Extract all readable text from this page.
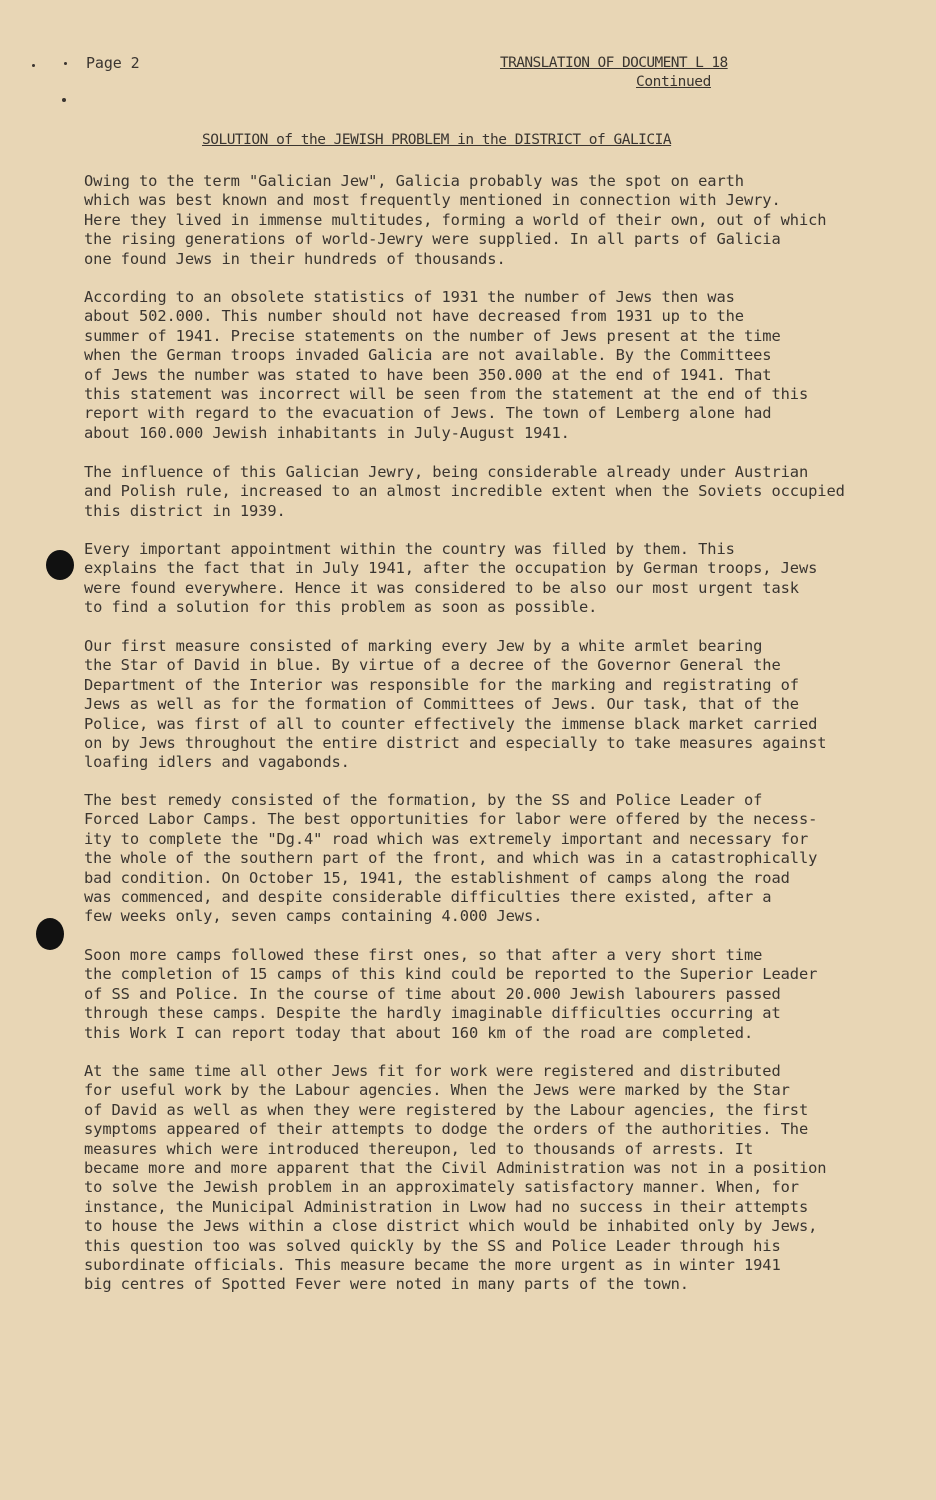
Page 2	TRANSLATION OF DOCUMENT L 18
Continued
SOLUTION of the JEWISH PROBLEM in the DISTRICT of GALICIA
Owing to the term "Galician Jew", Galicia probably was the spot on earth
which was best known and most frequently mentioned in connection with Jewry.
Here they lived in immense multitudes, forming a world of their own, out of which
the rising generations of world-Jewry were supplied. In all parts of Galicia
one found Jews in their hundreds of thousands.
According to an obsolete statistics of 1931 the number of Jews then was
about 502.000. This number should not have decreased from 1931 up to the
summer of 1941. Precise statements on the number of Jews present at the time
when the German troops invaded Galicia are not available. By the Committees
of Jews the number was stated to have been 350.000 at the end of 1941. That
this statement was incorrect will be seen from the statement at the end of this
report with regard to the evacuation of Jews. The town of Lemberg alone had
about 160.000 Jewish inhabitants in July-August 1941.
The influence of this Galician Jewry, being considerable already under Austrian
and Polish rule, increased to an almost incredible extent when the Soviets occupied
this district in 1939.
Every important appointment within the country was filled by them. This
explains the fact that in July 1941, after the occupation by German troops, Jews
were found everywhere. Hence it was considered to be also our most urgent task
to find a solution for this problem as soon as possible.
Our first measure consisted of marking every Jew by a white armlet bearing
the Star of David in blue. By virtue of a decree of the Governor General the
Department of the Interior was responsible for the marking and registrating of
Jews as well as for the formation of Committees of Jews. Our task, that of the
Police, was first of all to counter effectively the immense black market carried
on by Jews throughout the entire district and especially to take measures against
loafing idlers and vagabonds.
The best remedy consisted of the formation, by the SS and Police Leader of
Forced Labor Camps. The best opportunities for labor were offered by the necess-
ity to complete the "Dg.4" road which was extremely important and necessary for
the whole of the southern part of the front, and which was in a catastrophically
bad condition. On October 15, 1941, the establishment of camps along the road
was commenced, and despite considerable difficulties there existed, after a
few weeks only, seven camps containing 4.000 Jews.
Soon more camps followed these first ones, so that after a very short time
the completion of 15 camps of this kind could be reported to the Superior Leader
of SS and Police. In the course of time about 20.000 Jewish labourers passed
through these camps. Despite the hardly imaginable difficulties occurring at
this Work I can report today that about 160 km of the road are completed.
At the same time all other Jews fit for work were registered and distributed
for useful work by the Labour agencies. When the Jews were marked by the Star
of David as well as when they were registered by the Labour agencies, the first
symptoms appeared of their attempts to dodge the orders of the authorities. The
measures which were introduced thereupon, led to thousands of arrests. It
became more and more apparent that the Civil Administration was not in a position
to solve the Jewish problem in an approximately satisfactory manner. When, for
instance, the Municipal Administration in Lwow had no success in their attempts
to house the Jews within a close district which would be inhabited only by Jews,
this question too was solved quickly by the SS and Police Leader through his
subordinate officials. This measure became the more urgent as in winter 1941
big centres of Spotted Fever were noted in many parts of the town.
